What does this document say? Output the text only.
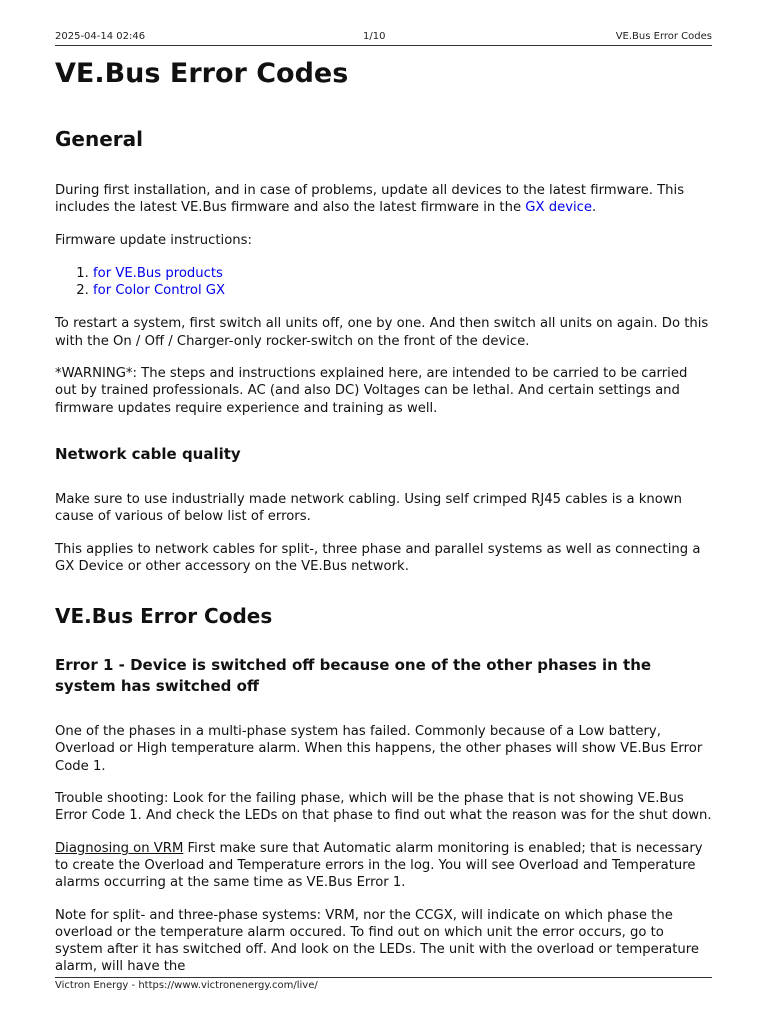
2025-04-14 02:46	1/10	VE.Bus Error Codes
VE.Bus Error Codes
General

During first installation, and in case of problems, update all devices to the latest firmware. This includes the latest VE.Bus firmware and also the latest firmware in the GX device.

Firmware update instructions:

1. for VE.Bus products
2. for Color Control GX

To restart a system, first switch all units off, one by one. And then switch all units on again. Do this with the On / Off / Charger-only rocker-switch on the front of the device.

*WARNING*: The steps and instructions explained here, are intended to be carried to be carried out by trained professionals. AC (and also DC) Voltages can be lethal. And certain settings and firmware updates require experience and training as well.

Network cable quality

Make sure to use industrially made network cabling. Using self crimped RJ45 cables is a known cause of various of below list of errors.

This applies to network cables for split-, three phase and parallel systems as well as connecting a GX Device or other accessory on the VE.Bus network.

VE.Bus Error Codes
Error 1 - Device is switched off because one of the other phases in the system has switched off

One of the phases in a multi-phase system has failed. Commonly because of a Low battery, Overload or High temperature alarm. When this happens, the other phases will show VE.Bus Error Code 1.

Trouble shooting: Look for the failing phase, which will be the phase that is not showing VE.Bus Error Code 1. And check the LEDs on that phase to find out what the reason was for the shut down.

Diagnosing on VRM First make sure that Automatic alarm monitoring is enabled; that is necessary to create the Overload and Temperature errors in the log. You will see Overload and Temperature alarms occurring at the same time as VE.Bus Error 1.

Note for split- and three-phase systems: VRM, nor the CCGX, will indicate on which phase the overload or the temperature alarm occured. To find out on which unit the error occurs, go to system after it has switched off. And look on the LEDs. The unit with the overload or temperature alarm, will have the

Victron Energy - https://www.victronenergy.com/live/
